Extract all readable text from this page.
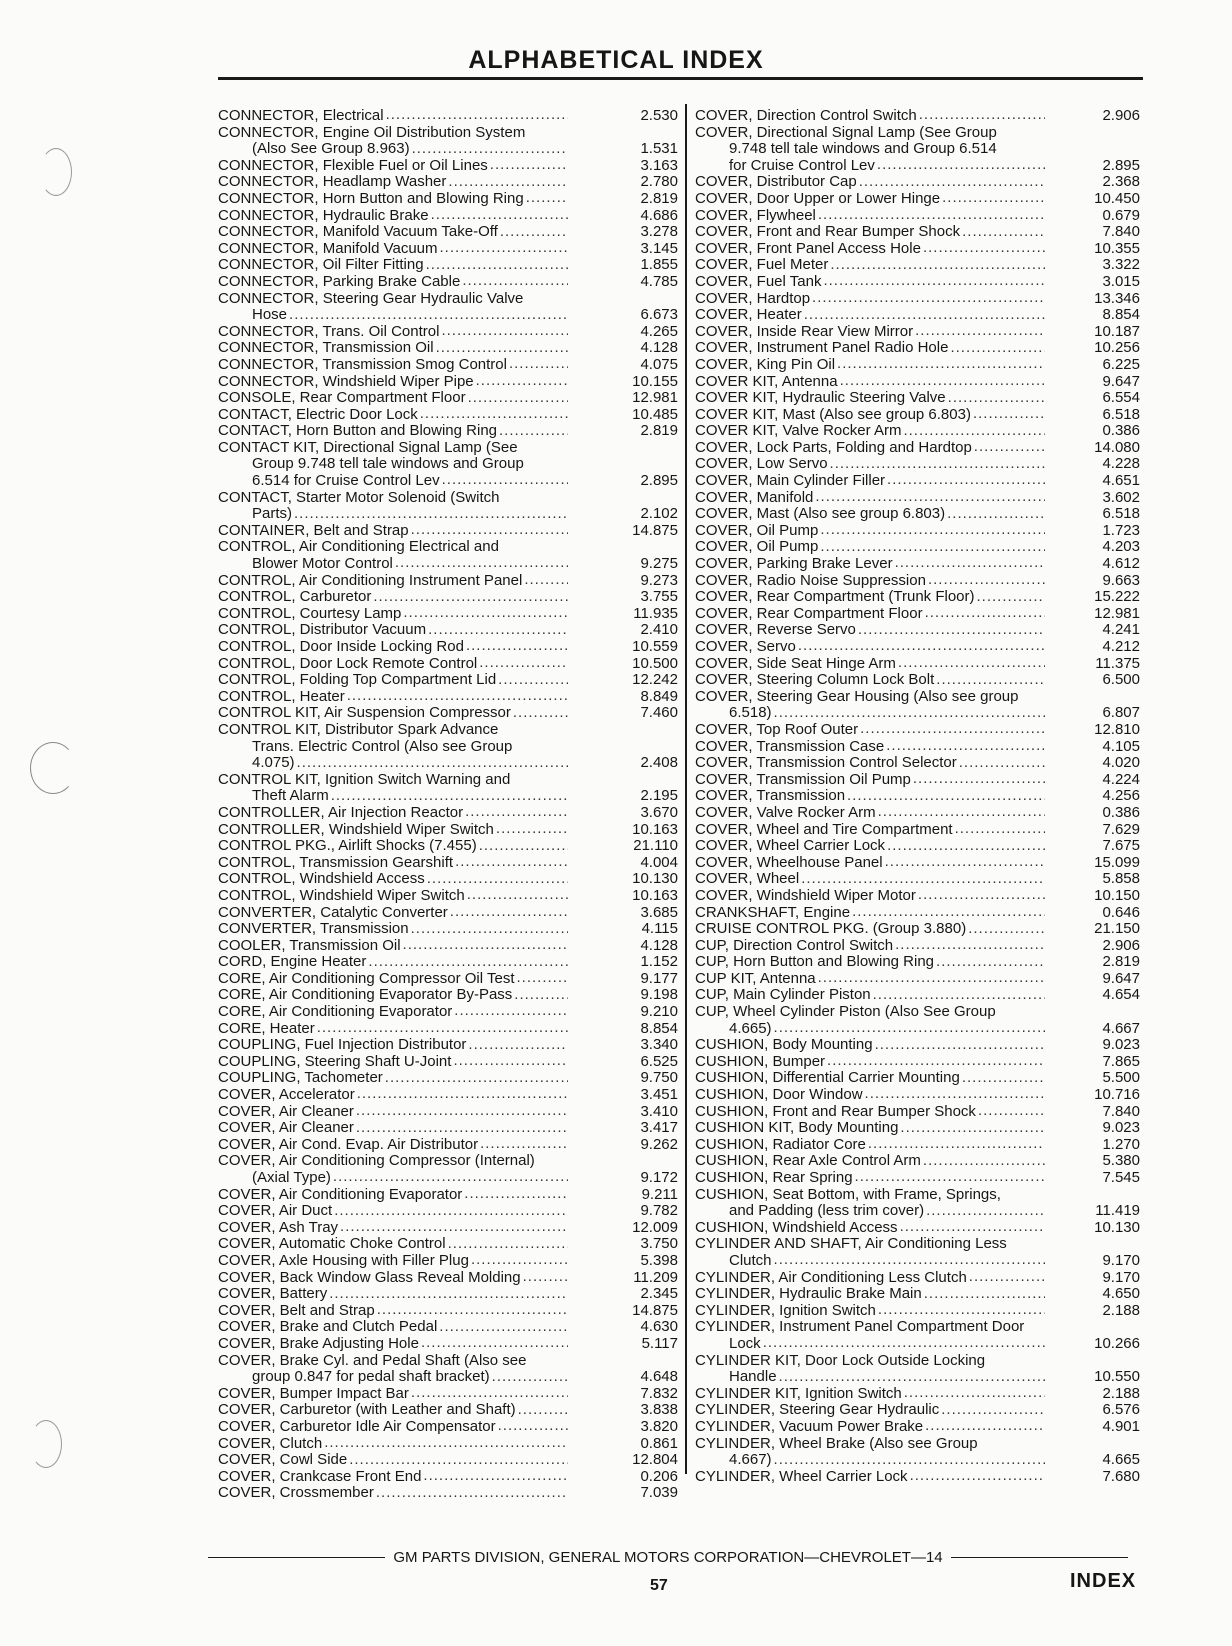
ALPHABETICAL INDEX
CONNECTOR, Electrical	2.530
CONNECTOR, Engine Oil Distribution System
(Also See Group 8.963)	1.531
CONNECTOR, Flexible Fuel or Oil Lines	3.163
CONNECTOR, Headlamp Washer	2.780
CONNECTOR, Horn Button and Blowing Ring	2.819
CONNECTOR, Hydraulic Brake	4.686
CONNECTOR, Manifold Vacuum Take-Off	3.278
CONNECTOR, Manifold Vacuum	3.145
CONNECTOR, Oil Filter Fitting	1.855
CONNECTOR, Parking Brake Cable	4.785
CONNECTOR, Steering Gear Hydraulic Valve
Hose	6.673
CONNECTOR, Trans. Oil Control	4.265
CONNECTOR, Transmission Oil	4.128
CONNECTOR, Transmission Smog Control	4.075
CONNECTOR, Windshield Wiper Pipe	10.155
CONSOLE, Rear Compartment Floor	12.981
CONTACT, Electric Door Lock	10.485
CONTACT, Horn Button and Blowing Ring	2.819
CONTACT KIT, Directional Signal Lamp (See
Group 9.748 tell tale windows and Group
6.514 for Cruise Control Lev	2.895
CONTACT, Starter Motor Solenoid (Switch
Parts)	2.102
CONTAINER, Belt and Strap	14.875
CONTROL, Air Conditioning Electrical and
Blower Motor Control	9.275
CONTROL, Air Conditioning Instrument Panel	9.273
CONTROL, Carburetor	3.755
CONTROL, Courtesy Lamp	11.935
CONTROL, Distributor Vacuum	2.410
CONTROL, Door Inside Locking Rod	10.559
CONTROL, Door Lock Remote Control	10.500
CONTROL, Folding Top Compartment Lid	12.242
CONTROL, Heater	8.849
CONTROL KIT, Air Suspension Compressor	7.460
CONTROL KIT, Distributor Spark Advance
Trans. Electric Control (Also see Group
4.075)	2.408
CONTROL KIT, Ignition Switch Warning and
Theft Alarm	2.195
CONTROLLER, Air Injection Reactor	3.670
CONTROLLER, Windshield Wiper Switch	10.163
CONTROL PKG., Airlift Shocks (7.455)	21.110
CONTROL, Transmission Gearshift	4.004
CONTROL, Windshield Access	10.130
CONTROL, Windshield Wiper Switch	10.163
CONVERTER, Catalytic Converter	3.685
CONVERTER, Transmission	4.115
COOLER, Transmission Oil	4.128
CORD, Engine Heater	1.152
CORE, Air Conditioning Compressor Oil Test	9.177
CORE, Air Conditioning Evaporator By-Pass	9.198
CORE, Air Conditioning Evaporator	9.210
CORE, Heater	8.854
COUPLING, Fuel Injection Distributor	3.340
COUPLING, Steering Shaft U-Joint	6.525
COUPLING, Tachometer	9.750
COVER, Accelerator	3.451
COVER, Air Cleaner	3.410
COVER, Air Cleaner	3.417
COVER, Air Cond. Evap. Air Distributor	9.262
COVER, Air Conditioning Compressor (Internal)
(Axial Type)	9.172
COVER, Air Conditioning Evaporator	9.211
COVER, Air Duct	9.782
COVER, Ash Tray	12.009
COVER, Automatic Choke Control	3.750
COVER, Axle Housing with Filler Plug	5.398
COVER, Back Window Glass Reveal Molding	11.209
COVER, Battery	2.345
COVER, Belt and Strap	14.875
COVER, Brake and Clutch Pedal	4.630
COVER, Brake Adjusting Hole	5.117
COVER, Brake Cyl. and Pedal Shaft (Also see
group 0.847 for pedal shaft bracket)	4.648
COVER, Bumper Impact Bar	7.832
COVER, Carburetor (with Leather and Shaft)	3.838
COVER, Carburetor Idle Air Compensator	3.820
COVER, Clutch	0.861
COVER, Cowl Side	12.804
COVER, Crankcase Front End	0.206
COVER, Crossmember	7.039
COVER, Direction Control Switch	2.906
COVER, Directional Signal Lamp (See Group
9.748 tell tale windows and Group 6.514
for Cruise Control Lev	2.895
COVER, Distributor Cap	2.368
COVER, Door Upper or Lower Hinge	10.450
COVER, Flywheel	0.679
COVER, Front and Rear Bumper Shock	7.840
COVER, Front Panel Access Hole	10.355
COVER, Fuel Meter	3.322
COVER, Fuel Tank	3.015
COVER, Hardtop	13.346
COVER, Heater	8.854
COVER, Inside Rear View Mirror	10.187
COVER, Instrument Panel Radio Hole	10.256
COVER, King Pin Oil	6.225
COVER KIT, Antenna	9.647
COVER KIT, Hydraulic Steering Valve	6.554
COVER KIT, Mast (Also see group 6.803)	6.518
COVER KIT, Valve Rocker Arm	0.386
COVER, Lock Parts, Folding and Hardtop	14.080
COVER, Low Servo	4.228
COVER, Main Cylinder Filler	4.651
COVER, Manifold	3.602
COVER, Mast (Also see group 6.803)	6.518
COVER, Oil Pump	1.723
COVER, Oil Pump	4.203
COVER, Parking Brake Lever	4.612
COVER, Radio Noise Suppression	9.663
COVER, Rear Compartment (Trunk Floor)	15.222
COVER, Rear Compartment Floor	12.981
COVER, Reverse Servo	4.241
COVER, Servo	4.212
COVER, Side Seat Hinge Arm	11.375
COVER, Steering Column Lock Bolt	6.500
COVER, Steering Gear Housing (Also see group
6.518)	6.807
COVER, Top Roof Outer	12.810
COVER, Transmission Case	4.105
COVER, Transmission Control Selector	4.020
COVER, Transmission Oil Pump	4.224
COVER, Transmission	4.256
COVER, Valve Rocker Arm	0.386
COVER, Wheel and Tire Compartment	7.629
COVER, Wheel Carrier Lock	7.675
COVER, Wheelhouse Panel	15.099
COVER, Wheel	5.858
COVER, Windshield Wiper Motor	10.150
CRANKSHAFT, Engine	0.646
CRUISE CONTROL PKG. (Group 3.880)	21.150
CUP, Direction Control Switch	2.906
CUP, Horn Button and Blowing Ring	2.819
CUP KIT, Antenna	9.647
CUP, Main Cylinder Piston	4.654
CUP, Wheel Cylinder Piston (Also See Group
4.665)	4.667
CUSHION, Body Mounting	9.023
CUSHION, Bumper	7.865
CUSHION, Differential Carrier Mounting	5.500
CUSHION, Door Window	10.716
CUSHION, Front and Rear Bumper Shock	7.840
CUSHION KIT, Body Mounting	9.023
CUSHION, Radiator Core	1.270
CUSHION, Rear Axle Control Arm	5.380
CUSHION, Rear Spring	7.545
CUSHION, Seat Bottom, with Frame, Springs,
and Padding (less trim cover)	11.419
CUSHION, Windshield Access	10.130
CYLINDER AND SHAFT, Air Conditioning Less
Clutch	9.170
CYLINDER, Air Conditioning Less Clutch	9.170
CYLINDER, Hydraulic Brake Main	4.650
CYLINDER, Ignition Switch	2.188
CYLINDER, Instrument Panel Compartment Door
Lock	10.266
CYLINDER KIT, Door Lock Outside Locking
Handle	10.550
CYLINDER KIT, Ignition Switch	2.188
CYLINDER, Steering Gear Hydraulic	6.576
CYLINDER, Vacuum Power Brake	4.901
CYLINDER, Wheel Brake (Also see Group
4.667)	4.665
CYLINDER, Wheel Carrier Lock	7.680
GM PARTS DIVISION, GENERAL MOTORS CORPORATION—CHEVROLET—14
57	INDEX
